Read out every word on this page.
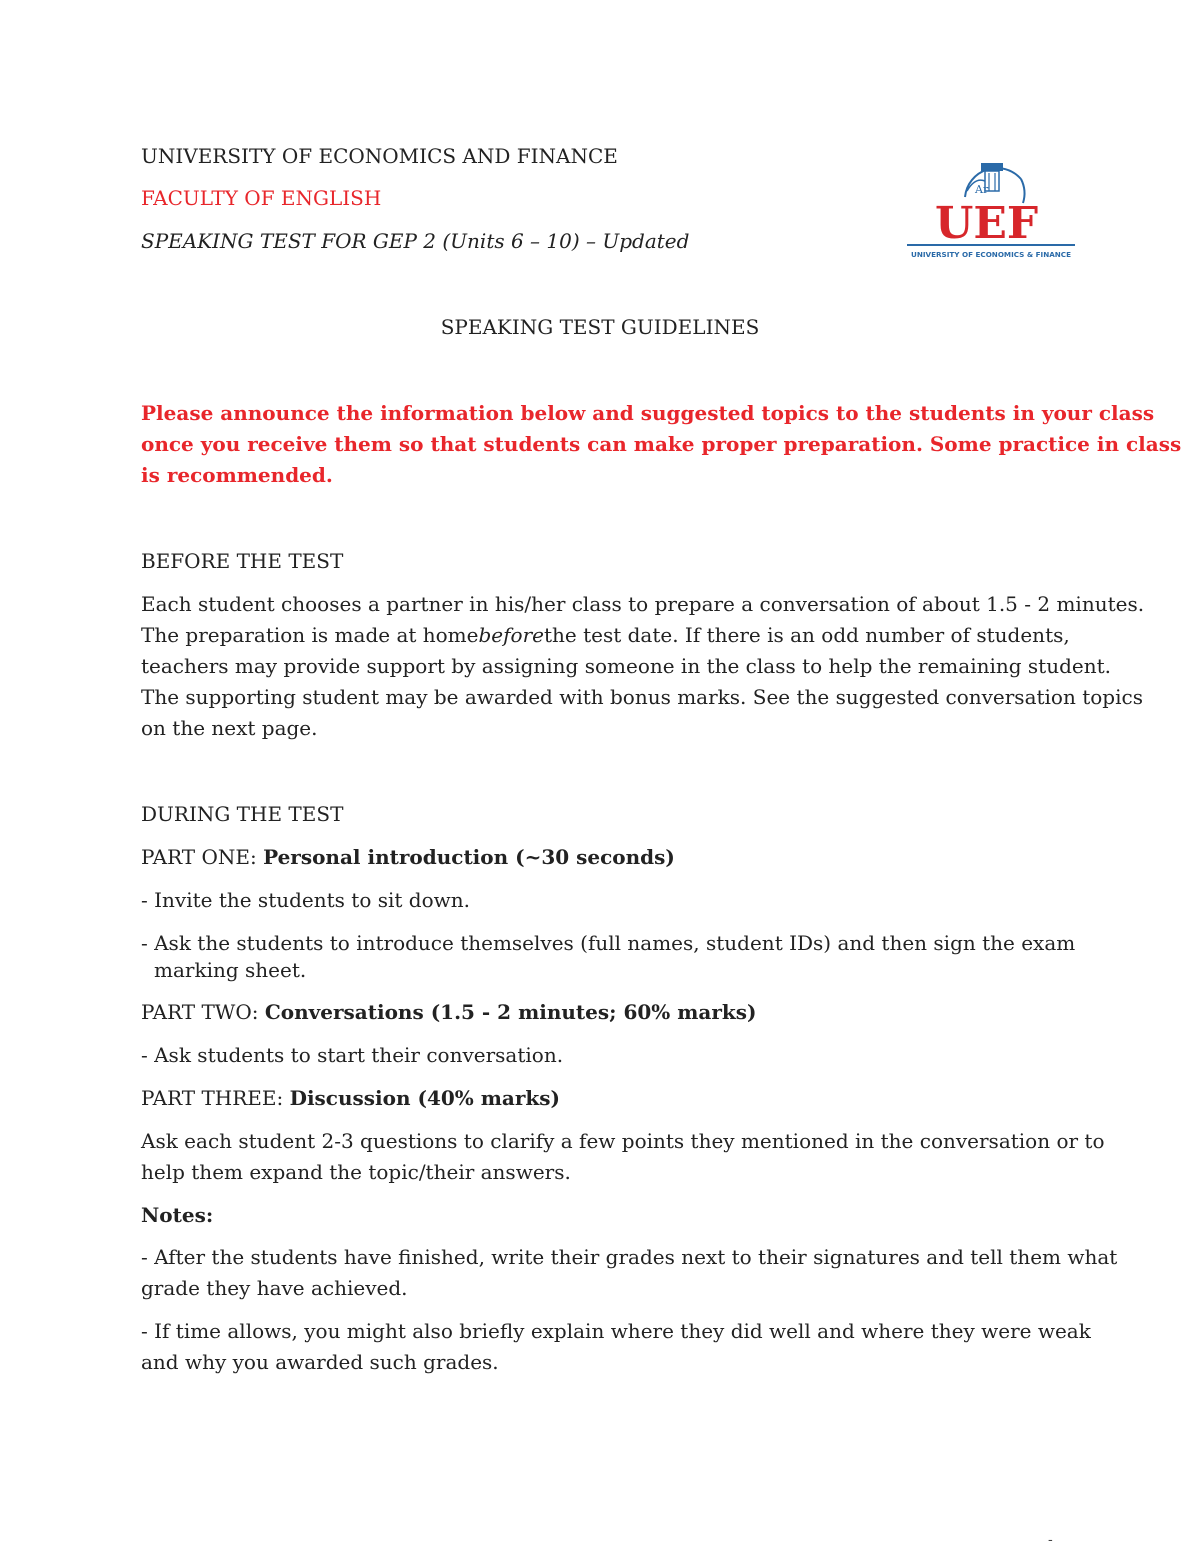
UNIVERSITY OF ECONOMICS AND FINANCE
FACULTY OF ENGLISH
SPEAKING TEST FOR GEP 2 (Units 6 – 10) – Updated
Ar
UEF
UNIVERSITY OF ECONOMICS & FINANCE
SPEAKING TEST GUIDELINES
Please announce the information below and suggested topics to the students in your class
once you receive them so that students can make proper preparation. Some practice in class
is recommended.
BEFORE THE TEST
Each student chooses a partner in his/her class to prepare a conversation of about 1.5 - 2 minutes.
The preparation is made at home before the test date. If there is an odd number of students,
teachers may provide support by assigning someone in the class to help the remaining student.
The supporting student may be awarded with bonus marks. See the suggested conversation topics
on the next page.
DURING THE TEST
PART ONE: Personal introduction (~30 seconds)
- Invite the students to sit down.
- Ask the students to introduce themselves (full names, student IDs) and then sign the exam
marking sheet.
PART TWO: Conversations (1.5 - 2 minutes; 60% marks)
- Ask students to start their conversation.
PART THREE: Discussion (40% marks)
Ask each student 2-3 questions to clarify a few points they mentioned in the conversation or to
help them expand the topic/their answers.
Notes:
- After the students have finished, write their grades next to their signatures and tell them what
grade they have achieved.
- If time allows, you might also briefly explain where they did well and where they were weak
and why you awarded such grades.
-
